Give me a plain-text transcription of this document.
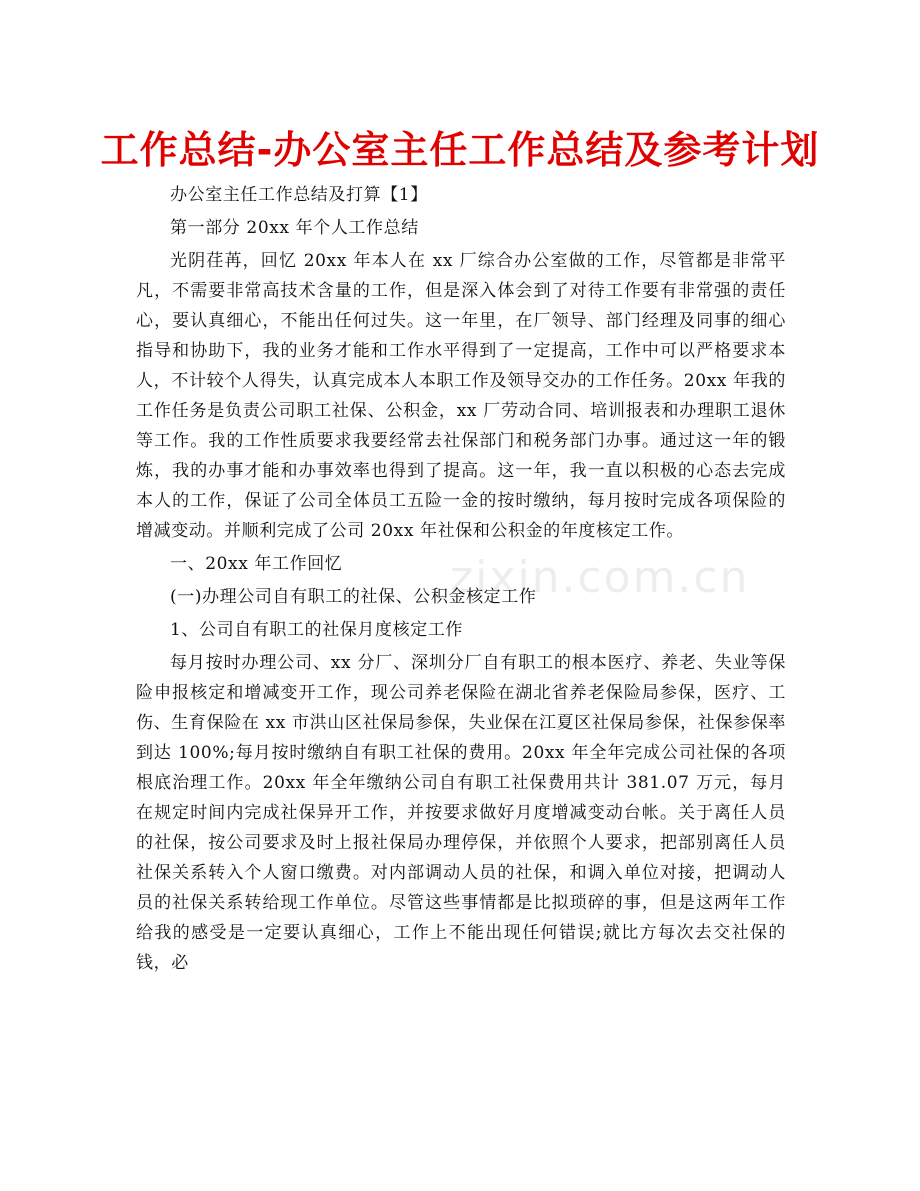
工作总结-办公室主任工作总结及参考计划

办公室主任工作总结及打算【1】

第一部分 20xx 年个人工作总结

光阴荏苒，回忆 20xx 年本人在 xx 厂综合办公室做的工作，尽管都是非常平凡，不需要非常高技术含量的工作，但是深入体会到了对待工作要有非常强的责任心，要认真细心，不能出任何过失。这一年里，在厂领导、部门经理及同事的细心指导和协助下，我的业务才能和工作水平得到了一定提高，工作中可以严格要求本人，不计较个人得失，认真完成本人本职工作及领导交办的工作任务。20xx 年我的工作任务是负责公司职工社保、公积金，xx 厂劳动合同、培训报表和办理职工退休等工作。我的工作性质要求我要经常去社保部门和税务部门办事。通过这一年的锻炼，我的办事才能和办事效率也得到了提高。这一年，我一直以积极的心态去完成本人的工作，保证了公司全体员工五险一金的按时缴纳，每月按时完成各项保险的增减变动。并顺利完成了公司 20xx 年社保和公积金的年度核定工作。

一、20xx 年工作回忆

(一)办理公司自有职工的社保、公积金核定工作

1、公司自有职工的社保月度核定工作

每月按时办理公司、xx 分厂、深圳分厂自有职工的根本医疗、养老、失业等保险申报核定和增减变开工作，现公司养老保险在湖北省养老保险局参保，医疗、工伤、生育保险在 xx 市洪山区社保局参保，失业保在江夏区社保局参保，社保参保率到达 100%;每月按时缴纳自有职工社保的费用。20xx 年全年完成公司社保的各项根底治理工作。20xx 年全年缴纳公司自有职工社保费用共计 381.07 万元，每月在规定时间内完成社保异开工作，并按要求做好月度增减变动台帐。关于离任人员的社保，按公司要求及时上报社保局办理停保，并依照个人要求，把部别离任人员社保关系转入个人窗口缴费。对内部调动人员的社保，和调入单位对接，把调动人员的社保关系转给现工作单位。尽管这些事情都是比拟琐碎的事，但是这两年工作给我的感受是一定要认真细心，工作上不能出现任何错误;就比方每次去交社保的钱，必

zixin.com.cn
